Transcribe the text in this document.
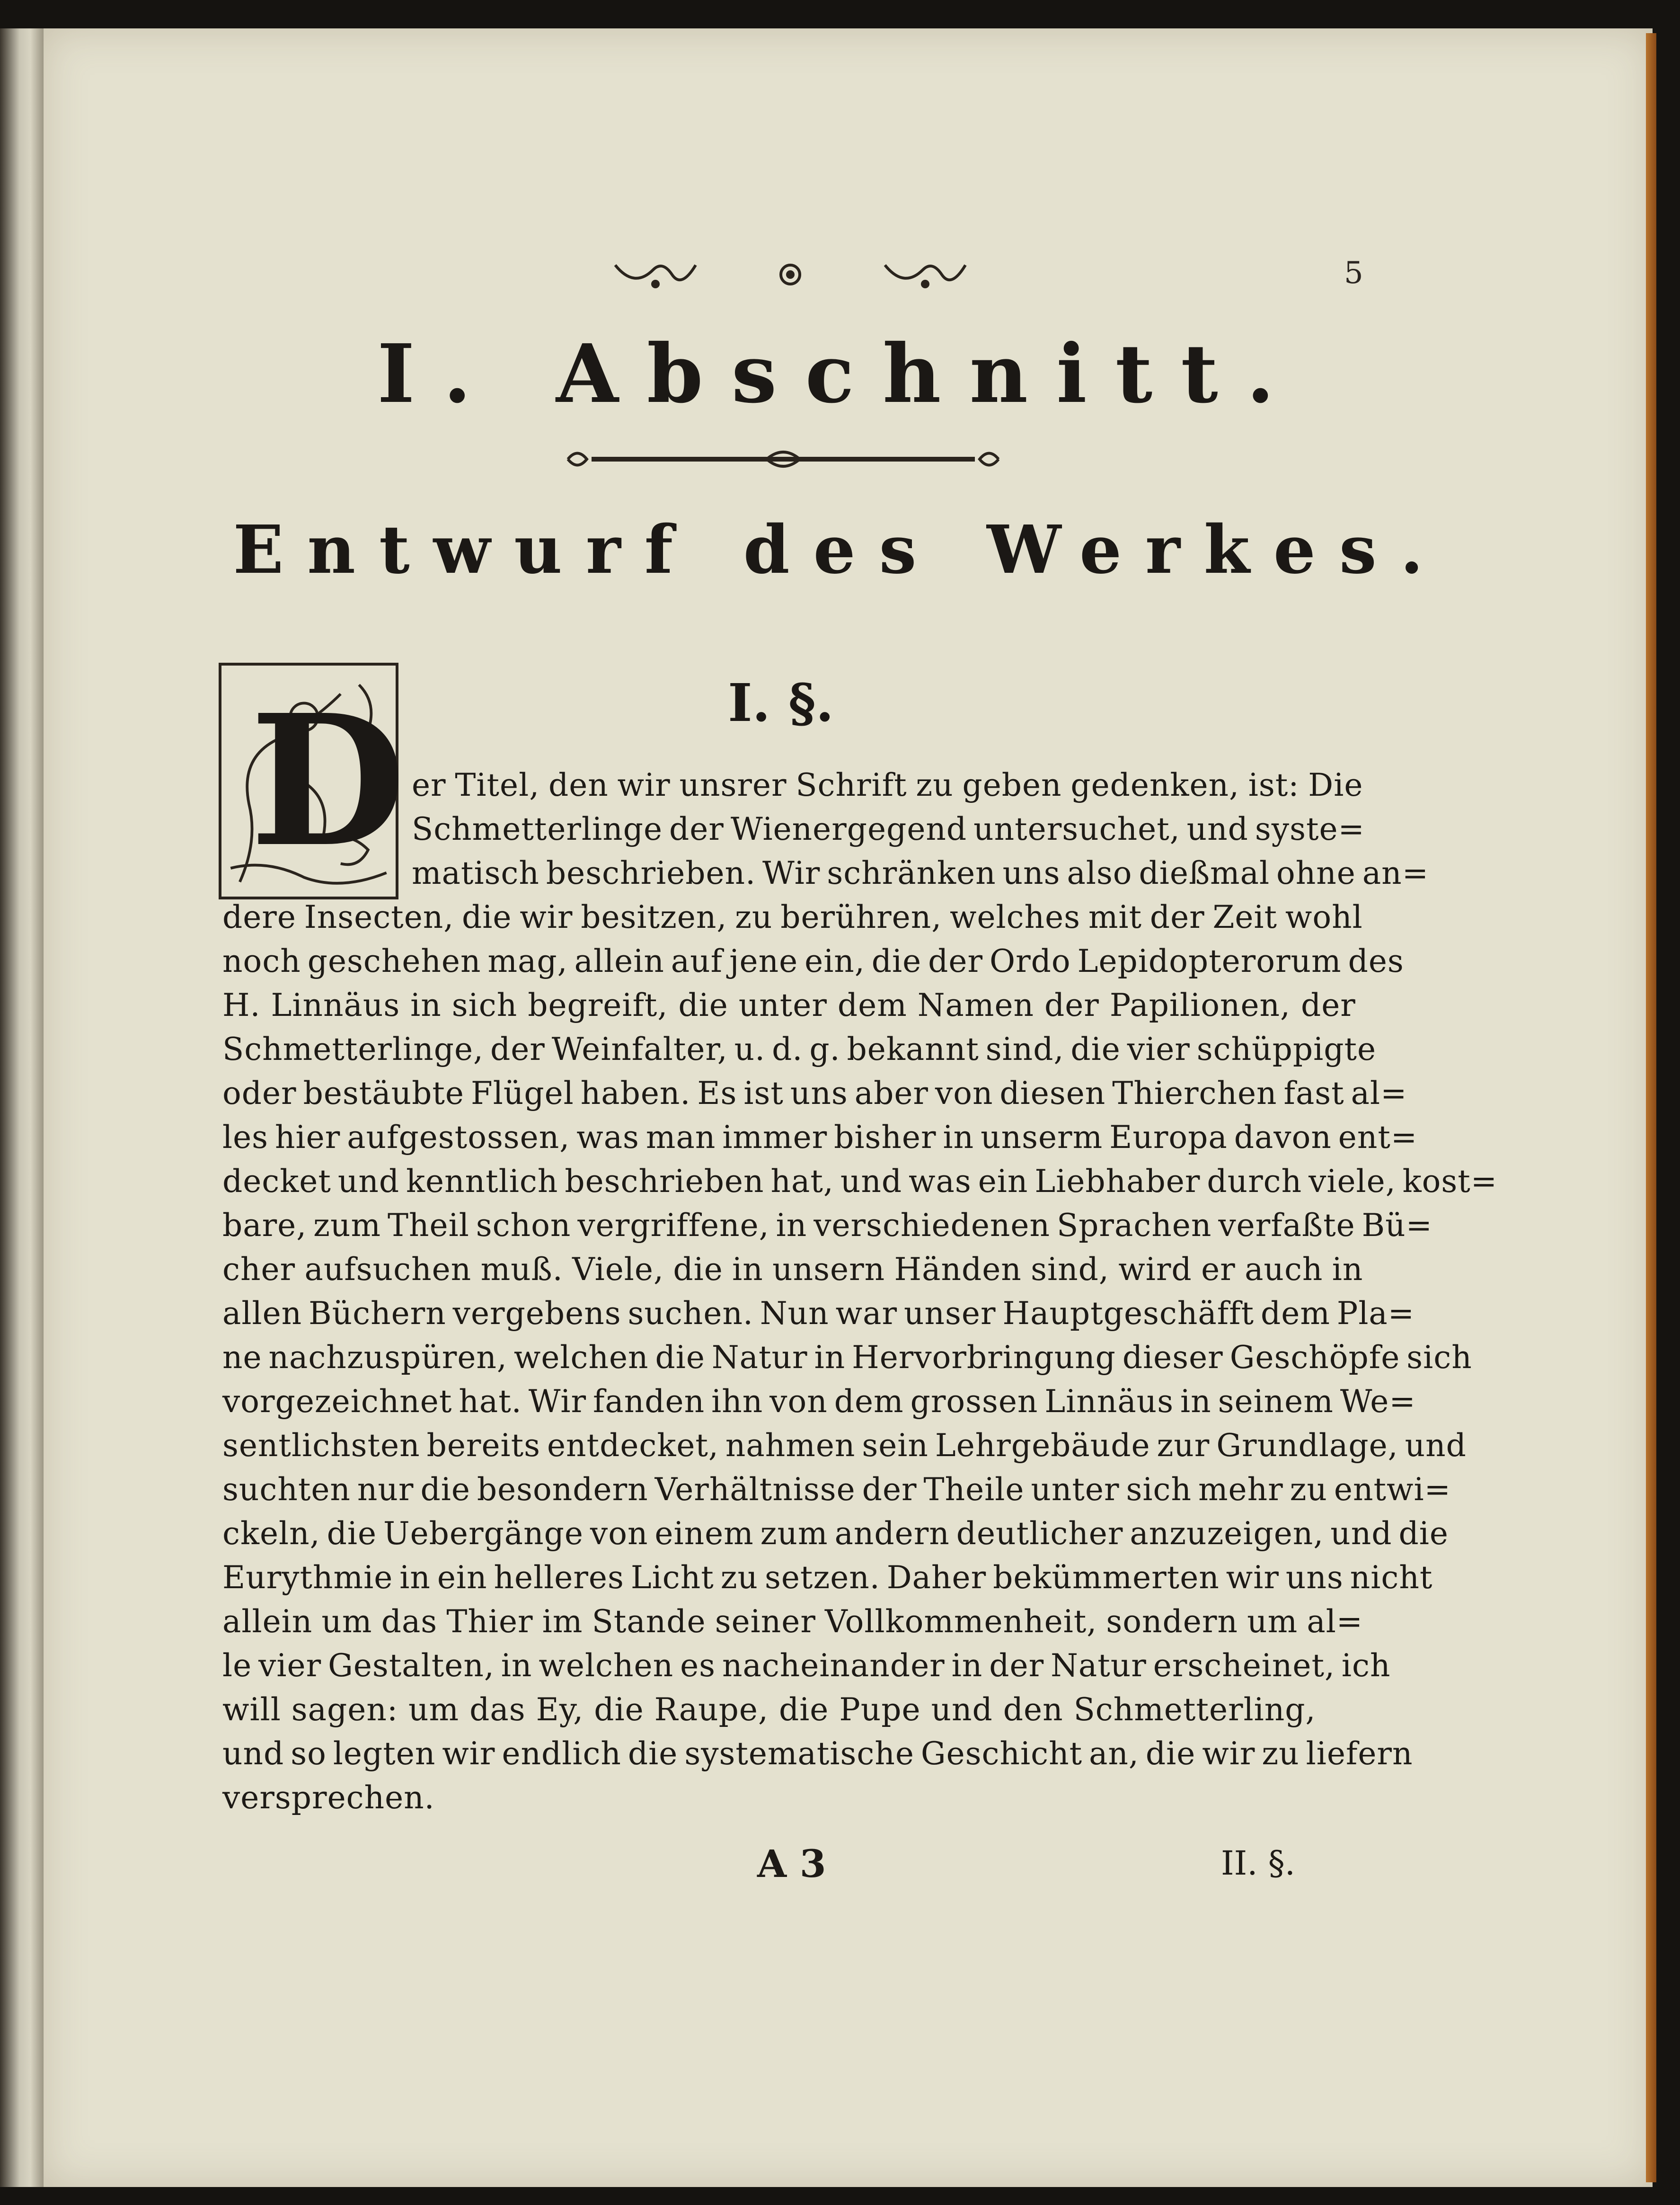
5
I. Abschnitt.
Entwurf des Werkes.
I. §.
D er Titel, den wir unsrer Schrift zu geben gedenken, ist: Die
Schmetterlinge der Wienergegend untersuchet, und syste=
matisch beschrieben. Wir schränken uns also dießmal ohne an=
dere Insecten, die wir besitzen, zu berühren, welches mit der Zeit wohl
noch geschehen mag, allein auf jene ein, die der Ordo Lepidopterorum des
H. Linnäus in sich begreift, die unter dem Namen der Papilionen, der
Schmetterlinge, der Weinfalter, u. d. g. bekannt sind, die vier schüppigte
oder bestäubte Flügel haben. Es ist uns aber von diesen Thierchen fast al=
les hier aufgestossen, was man immer bisher in unserm Europa davon ent=
decket und kenntlich beschrieben hat, und was ein Liebhaber durch viele, kost=
bare, zum Theil schon vergriffene, in verschiedenen Sprachen verfaßte Bü=
cher aufsuchen muß. Viele, die in unsern Händen sind, wird er auch in
allen Büchern vergebens suchen. Nun war unser Hauptgeschäfft dem Pla=
ne nachzuspüren, welchen die Natur in Hervorbringung dieser Geschöpfe sich
vorgezeichnet hat. Wir fanden ihn von dem grossen Linnäus in seinem We=
sentlichsten bereits entdecket, nahmen sein Lehrgebäude zur Grundlage, und
suchten nur die besondern Verhältnisse der Theile unter sich mehr zu entwi=
ckeln, die Uebergänge von einem zum andern deutlicher anzuzeigen, und die
Eurythmie in ein helleres Licht zu setzen. Daher bekümmerten wir uns nicht
allein um das Thier im Stande seiner Vollkommenheit, sondern um al=
le vier Gestalten, in welchen es nacheinander in der Natur erscheinet, ich
will sagen: um das Ey, die Raupe, die Pupe und den Schmetterling,
und so legten wir endlich die systematische Geschicht an, die wir zu liefern
versprechen.
A 3	II. §.
